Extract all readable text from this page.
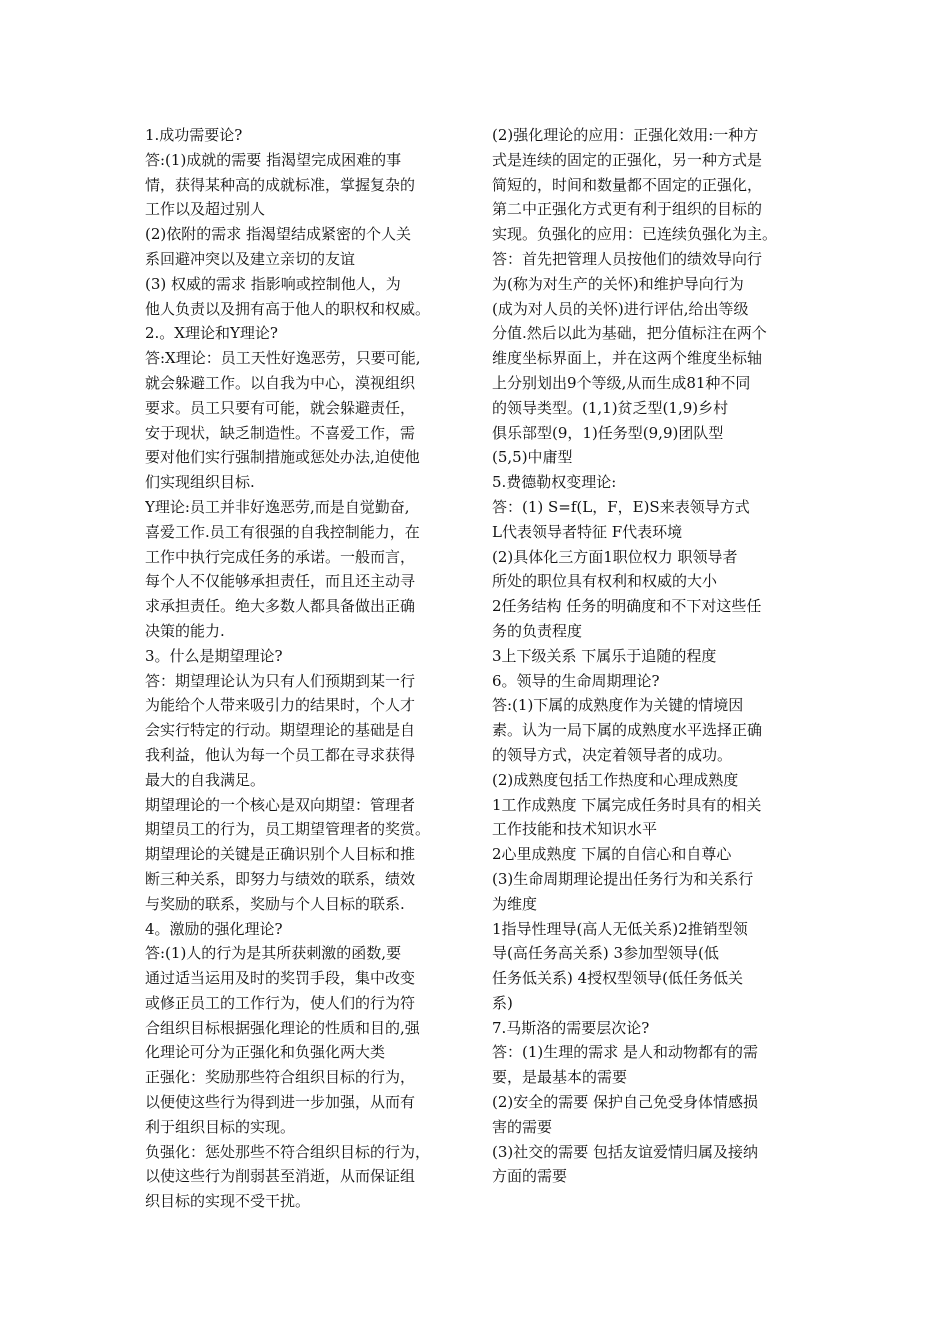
1.成功需要论?
答:(1)成就的需要 指渴望完成困难的事
情，获得某种高的成就标准，掌握复杂的
工作以及超过别人
(2)依附的需求 指渴望结成紧密的个人关
系回避冲突以及建立亲切的友谊
(3) 权威的需求 指影响或控制他人，为
他人负责以及拥有高于他人的职权和权威。
2.。X理论和Y理论?
答:X理论：员工天性好逸恶劳，只要可能,
就会躲避工作。以自我为中心，漠视组织
要求。员工只要有可能，就会躲避责任，
安于现状，缺乏制造性。不喜爱工作，需
要对他们实行强制措施或惩处办法,迫使他
们实现组织目标.
Y理论:员工并非好逸恶劳,而是自觉勤奋,
喜爱工作.员工有很强的自我控制能力，在
工作中执行完成任务的承诺。一般而言，
每个人不仅能够承担责任，而且还主动寻
求承担责任。绝大多数人都具备做出正确
决策的能力.
3。什么是期望理论?
答：期望理论认为只有人们预期到某一行
为能给个人带来吸引力的结果时，个人才
会实行特定的行动。期望理论的基础是自
我利益，他认为每一个员工都在寻求获得
最大的自我满足。
期望理论的一个核心是双向期望：管理者
期望员工的行为，员工期望管理者的奖赏。
期望理论的关键是正确识别个人目标和推
断三种关系，即努力与绩效的联系，绩效
与奖励的联系，奖励与个人目标的联系.
4。激励的强化理论?
答:(1)人的行为是其所获刺激的函数,要
通过适当运用及时的奖罚手段，集中改变
或修正员工的工作行为，使人们的行为符
合组织目标根据强化理论的性质和目的,强
化理论可分为正强化和负强化两大类
正强化：奖励那些符合组织目标的行为，
以便使这些行为得到进一步加强，从而有
利于组织目标的实现。
负强化：惩处那些不符合组织目标的行为，
以使这些行为削弱甚至消逝，从而保证组
织目标的实现不受干扰。
(2)强化理论的应用：正强化效用:一种方
式是连续的固定的正强化，另一种方式是
简短的，时间和数量都不固定的正强化，
第二中正强化方式更有利于组织的目标的
实现。负强化的应用：已连续负强化为主。
答：首先把管理人员按他们的绩效导向行
为(称为对生产的关怀)和维护导向行为
(成为对人员的关怀)进行评估,给出等级
分值.然后以此为基础，把分值标注在两个
维度坐标界面上，并在这两个维度坐标轴
上分别划出9个等级,从而生成81种不同
的领导类型。(1,1)贫乏型(1,9)乡村
俱乐部型(9，1)任务型(9,9)团队型
(5,5)中庸型
5.费德勒权变理论:
答：(1) S=f(L，F，E)S来表领导方式
L代表领导者特征 F代表环境
(2)具体化三方面1职位权力 职领导者
所处的职位具有权利和权威的大小
2任务结构 任务的明确度和不下对这些任
务的负责程度
3上下级关系 下属乐于追随的程度
6。领导的生命周期理论?
答:(1)下属的成熟度作为关键的情境因
素。认为一局下属的成熟度水平选择正确
的领导方式，决定着领导者的成功。
(2)成熟度包括工作热度和心理成熟度
1工作成熟度 下属完成任务时具有的相关
工作技能和技术知识水平
2心里成熟度 下属的自信心和自尊心
(3)生命周期理论提出任务行为和关系行
为维度
1指导性理导(高人无低关系)2推销型领
导(高任务高关系) 3参加型领导(低
任务低关系) 4授权型领导(低任务低关
系)
7.马斯洛的需要层次论?
答：(1)生理的需求 是人和动物都有的需
要，是最基本的需要
(2)安全的需要 保护自己免受身体情感损
害的需要
(3)社交的需要 包括友谊爱情归属及接纳
方面的需要
